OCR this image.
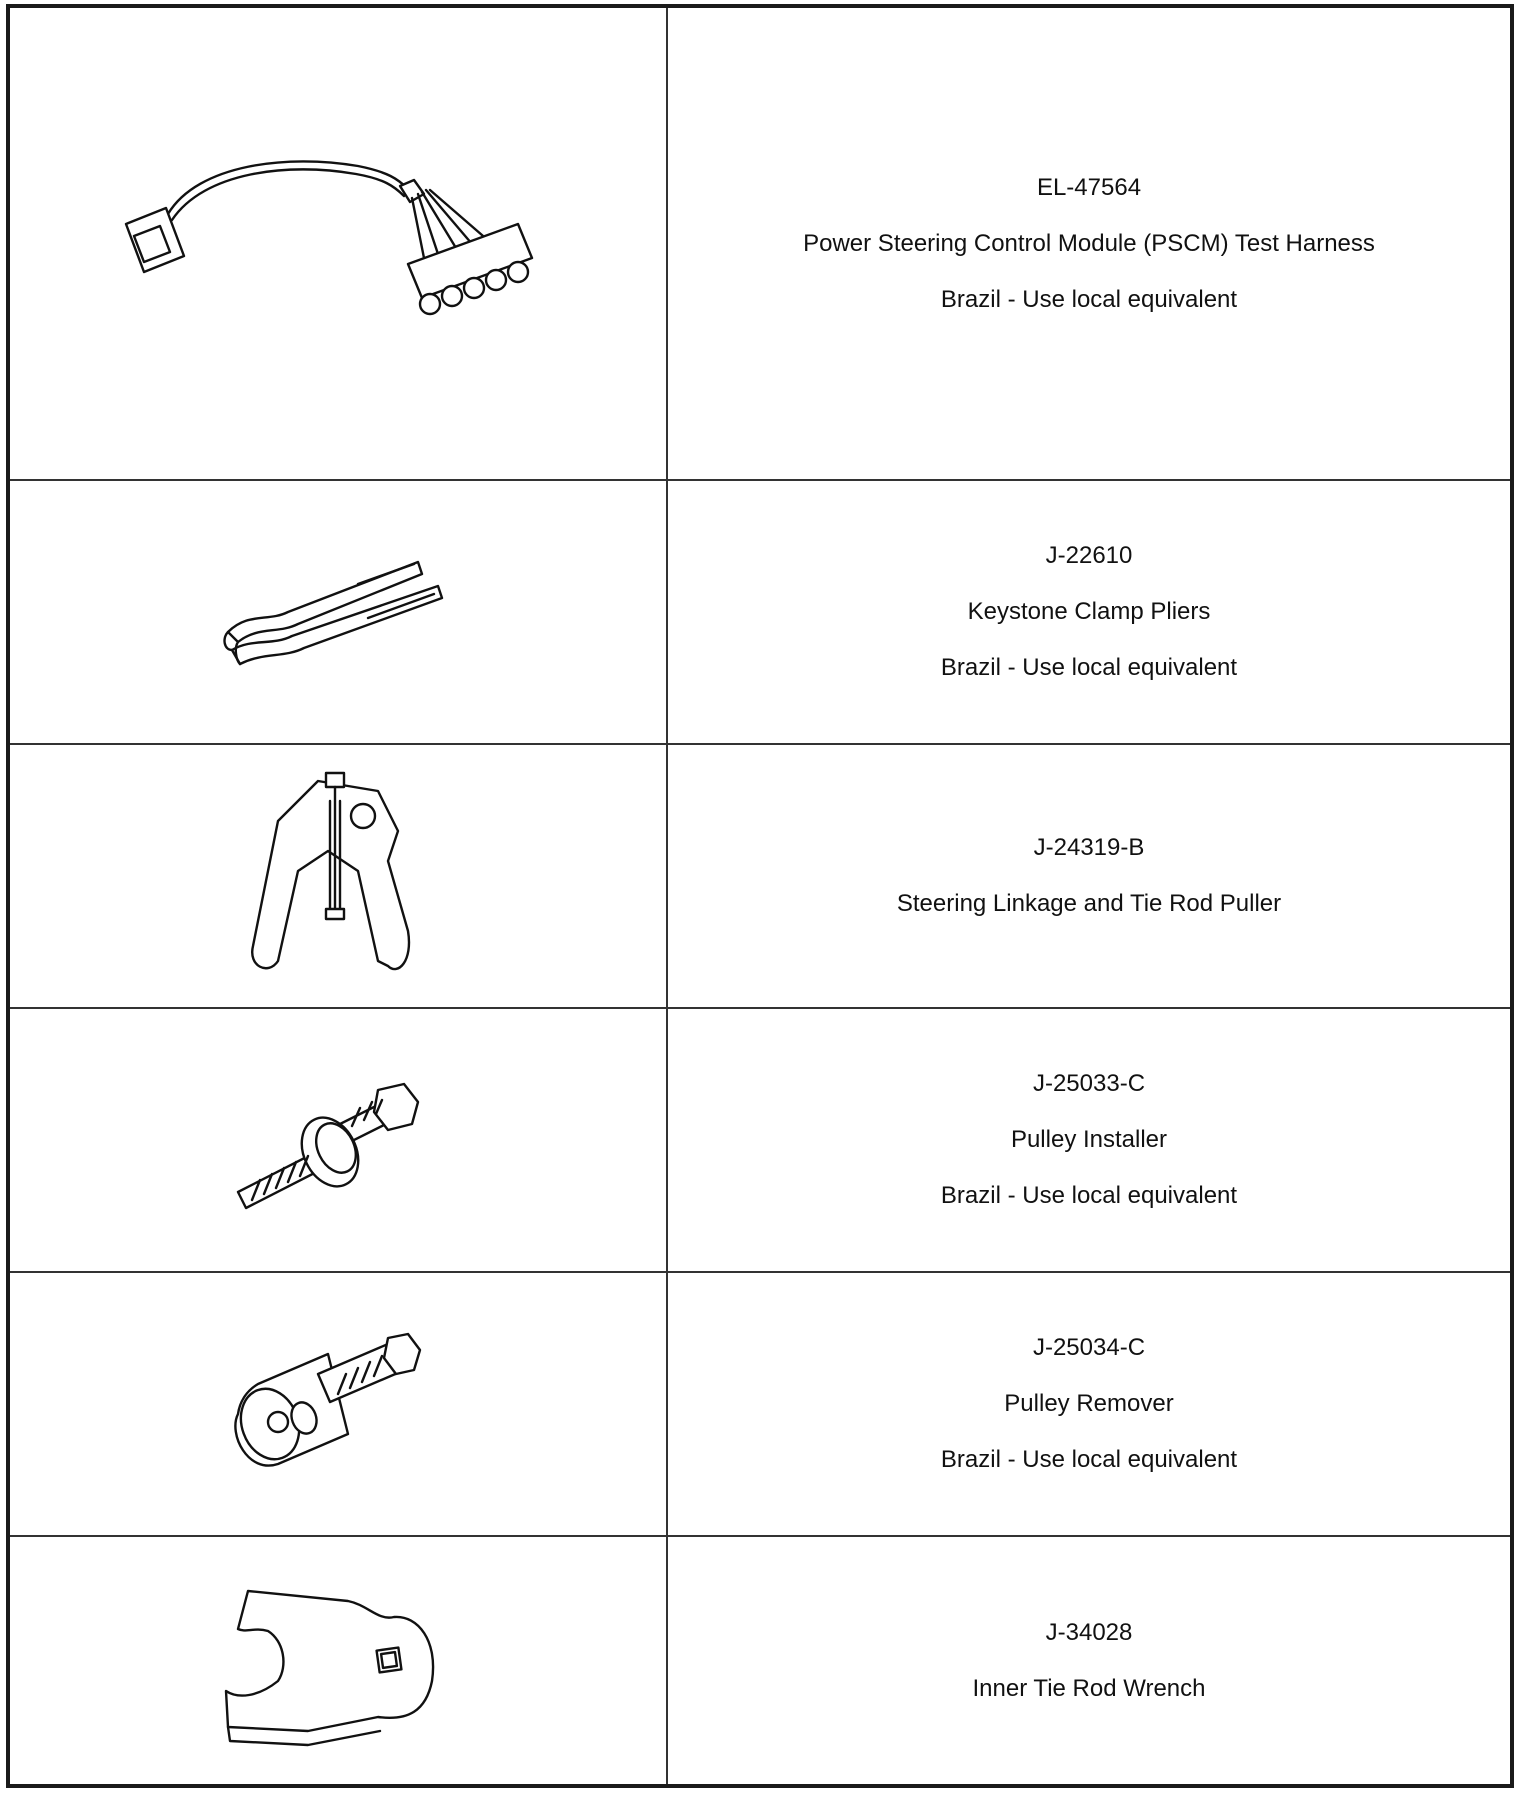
EL-47564
Power Steering Control Module (PSCM) Test Harness
Brazil - Use local equivalent
J-22610
Keystone Clamp Pliers
Brazil - Use local equivalent
J-24319-B
Steering Linkage and Tie Rod Puller
J-25033-C
Pulley Installer
Brazil - Use local equivalent
J-25034-C
Pulley Remover
Brazil - Use local equivalent
J-34028
Inner Tie Rod Wrench
